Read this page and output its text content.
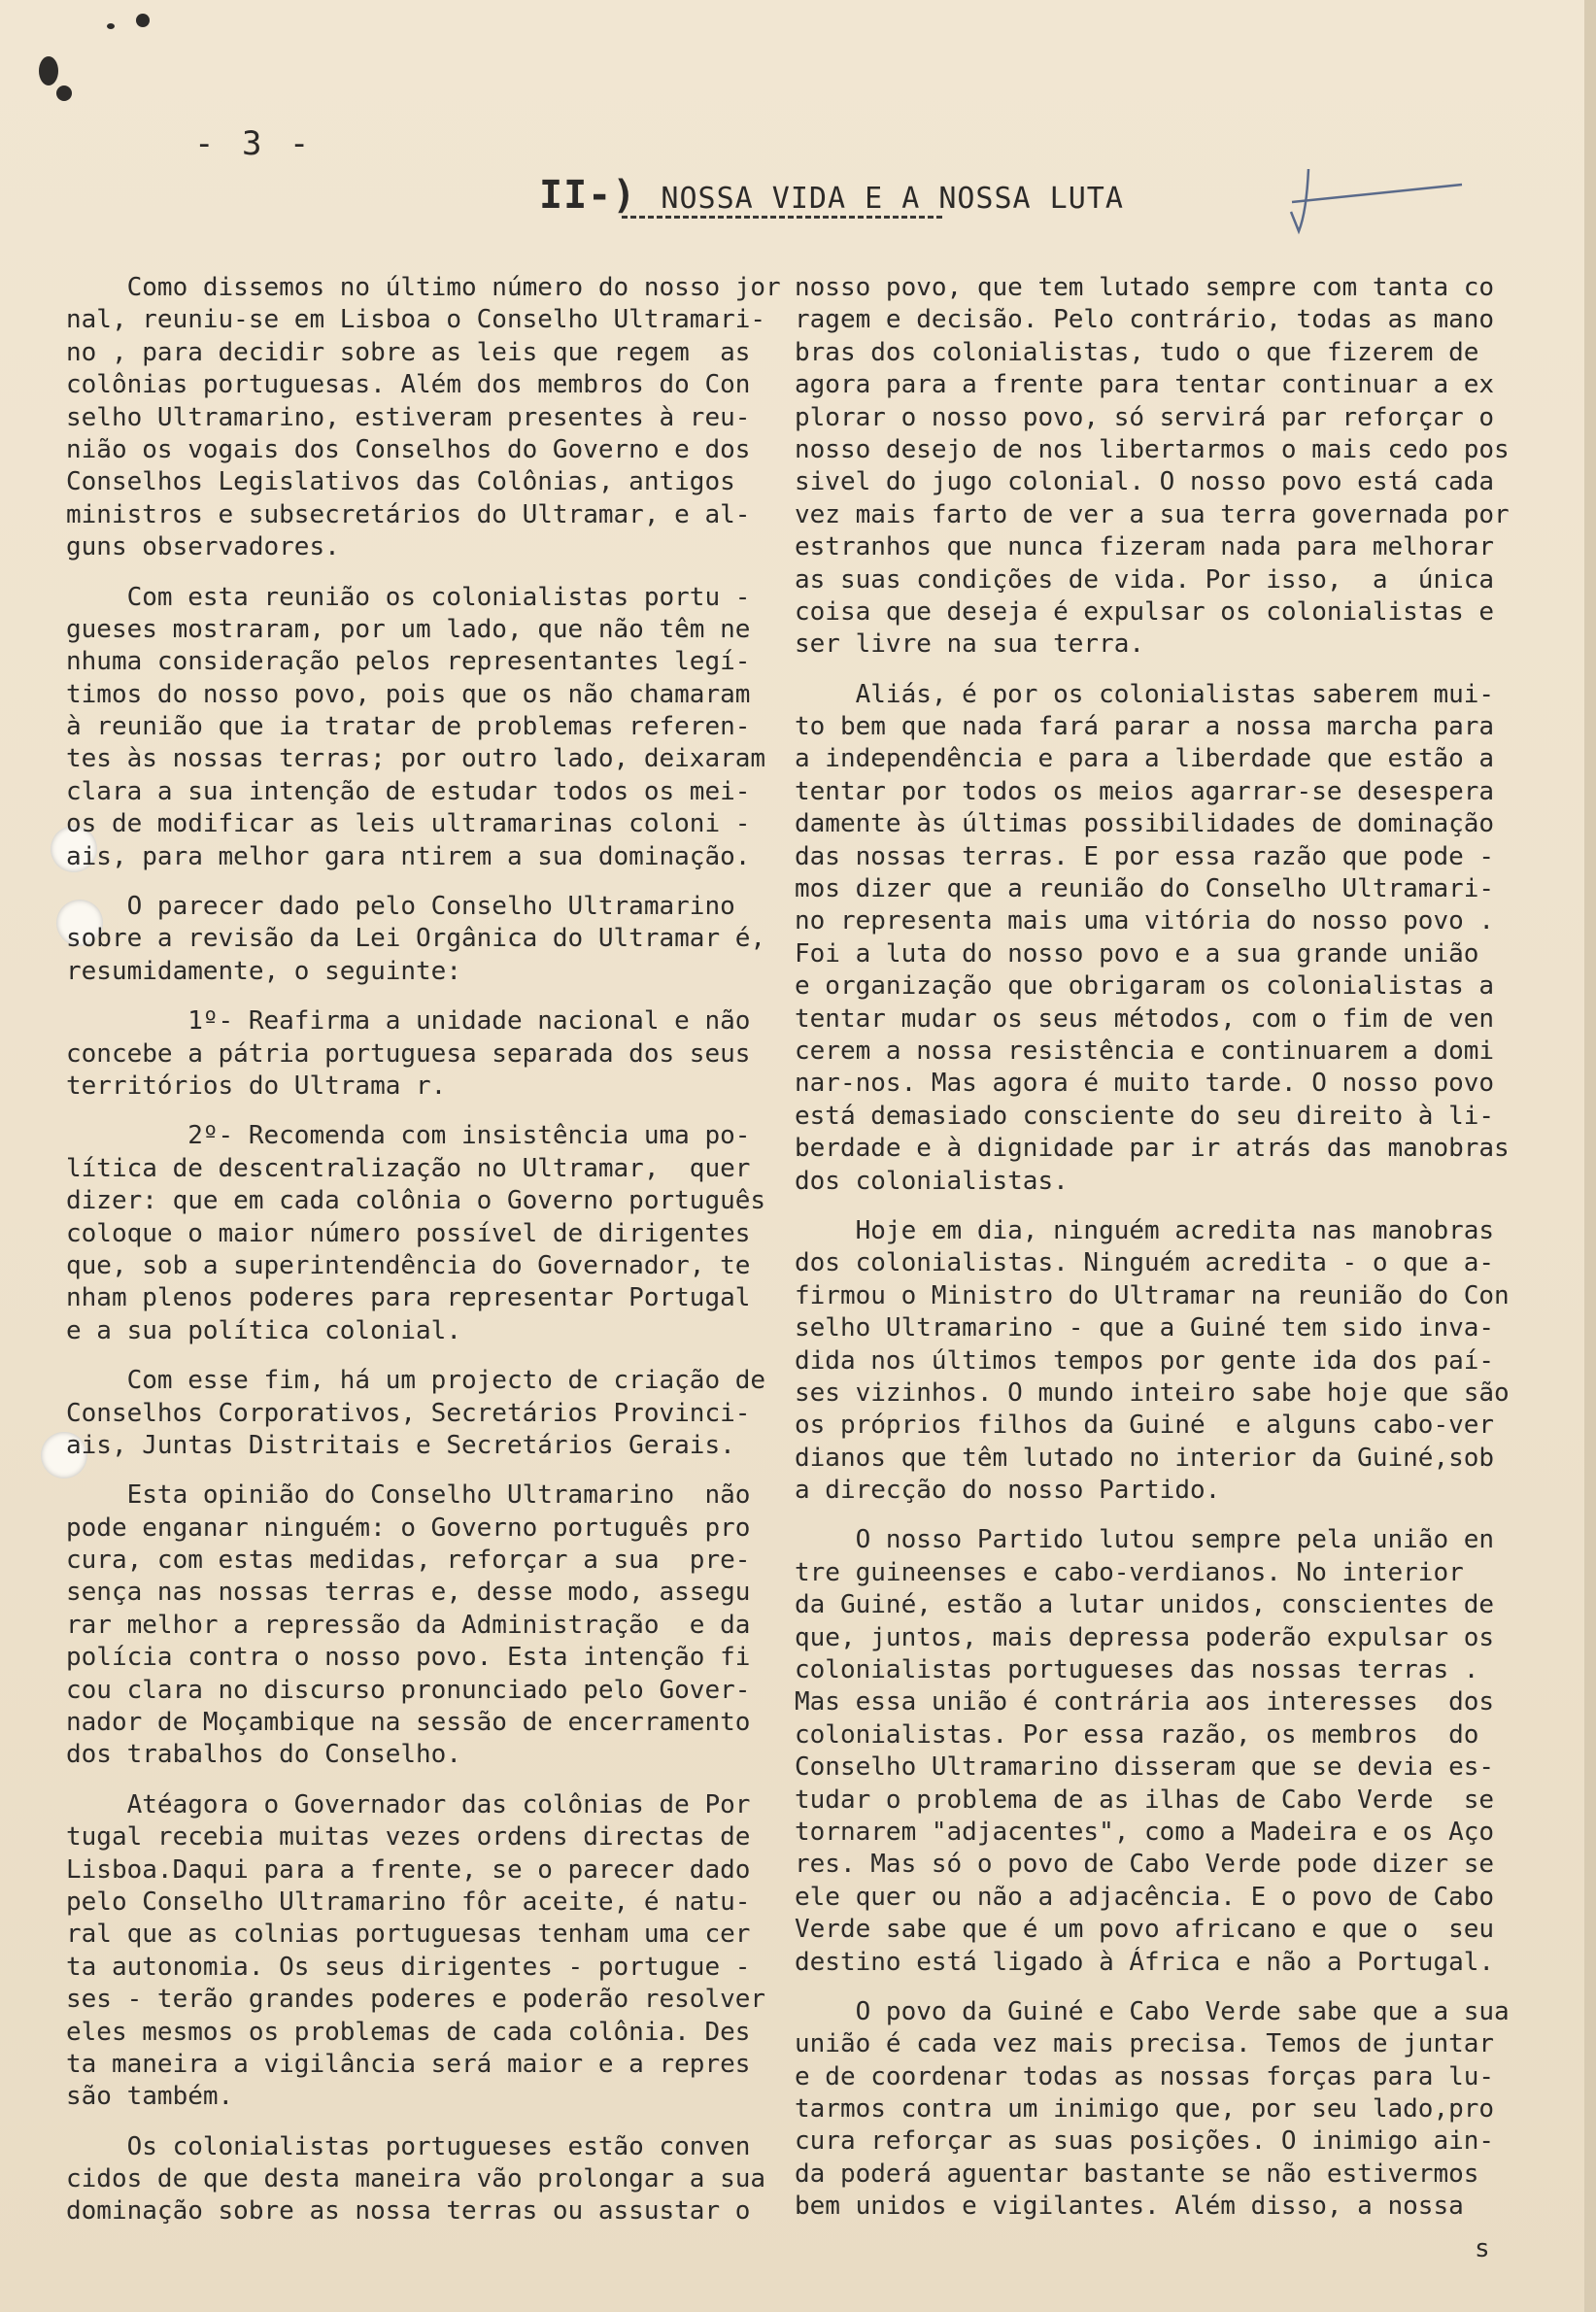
- 3 -
II-) NOSSA VIDA E A NOSSA LUTA
Como dissemos no último número do nosso jor
nal, reuniu-se em Lisboa o Conselho Ultramari-
no , para decidir sobre as leis que regem  as
colônias portuguesas. Além dos membros do Con
selho Ultramarino, estiveram presentes à reu-
nião os vogais dos Conselhos do Governo e dos
Conselhos Legislativos das Colônias, antigos
ministros e subsecretários do Ultramar, e al-
guns observadores.
Com esta reunião os colonialistas portu -
gueses mostraram, por um lado, que não têm ne
nhuma consideração pelos representantes legí-
timos do nosso povo, pois que os não chamaram
à reunião que ia tratar de problemas referen-
tes às nossas terras; por outro lado, deixaram
clara a sua intenção de estudar todos os mei-
os de modificar as leis ultramarinas coloni -
ais, para melhor gara ntirem a sua dominação.
O parecer dado pelo Conselho Ultramarino
sobre a revisão da Lei Orgânica do Ultramar é,
resumidamente, o seguinte:
1º- Reafirma a unidade nacional e não
concebe a pátria portuguesa separada dos seus
territórios do Ultrama r.
2º- Recomenda com insistência uma po-
lítica de descentralização no Ultramar,  quer
dizer: que em cada colônia o Governo português
coloque o maior número possível de dirigentes
que, sob a superintendência do Governador, te
nham plenos poderes para representar Portugal
e a sua política colonial.
Com esse fim, há um projecto de criação de
Conselhos Corporativos, Secretários Provinci-
ais, Juntas Distritais e Secretários Gerais.
Esta opinião do Conselho Ultramarino  não
pode enganar ninguém: o Governo português pro
cura, com estas medidas, reforçar a sua  pre-
sença nas nossas terras e, desse modo, assegu
rar melhor a repressão da Administração  e da
polícia contra o nosso povo. Esta intenção fi
cou clara no discurso pronunciado pelo Gover-
nador de Moçambique na sessão de encerramento
dos trabalhos do Conselho.
Atéagora o Governador das colônias de Por
tugal recebia muitas vezes ordens directas de
Lisboa.Daqui para a frente, se o parecer dado
pelo Conselho Ultramarino fôr aceite, é natu-
ral que as colnias portuguesas tenham uma cer
ta autonomia. Os seus dirigentes - portugue -
ses - terão grandes poderes e poderão resolver
eles mesmos os problemas de cada colônia. Des
ta maneira a vigilância será maior e a repres
são também.
Os colonialistas portugueses estão conven
cidos de que desta maneira vão prolongar a sua
dominação sobre as nossa terras ou assustar o
nosso povo, que tem lutado sempre com tanta co
ragem e decisão. Pelo contrário, todas as mano
bras dos colonialistas, tudo o que fizerem de
agora para a frente para tentar continuar a ex
plorar o nosso povo, só servirá par reforçar o
nosso desejo de nos libertarmos o mais cedo pos
sivel do jugo colonial. O nosso povo está cada
vez mais farto de ver a sua terra governada por
estranhos que nunca fizeram nada para melhorar
as suas condições de vida. Por isso,  a  única
coisa que deseja é expulsar os colonialistas e
ser livre na sua terra.
Aliás, é por os colonialistas saberem mui-
to bem que nada fará parar a nossa marcha para
a independência e para a liberdade que estão a
tentar por todos os meios agarrar-se desespera
damente às últimas possibilidades de dominação
das nossas terras. E por essa razão que pode -
mos dizer que a reunião do Conselho Ultramari-
no representa mais uma vitória do nosso povo .
Foi a luta do nosso povo e a sua grande união
e organização que obrigaram os colonialistas a
tentar mudar os seus métodos, com o fim de ven
cerem a nossa resistência e continuarem a domi
nar-nos. Mas agora é muito tarde. O nosso povo
está demasiado consciente do seu direito à li-
berdade e à dignidade par ir atrás das manobras
dos colonialistas.
Hoje em dia, ninguém acredita nas manobras
dos colonialistas. Ninguém acredita - o que a-
firmou o Ministro do Ultramar na reunião do Con
selho Ultramarino - que a Guiné tem sido inva-
dida nos últimos tempos por gente ida dos paí-
ses vizinhos. O mundo inteiro sabe hoje que são
os próprios filhos da Guiné  e alguns cabo-ver
dianos que têm lutado no interior da Guiné,sob
a direcção do nosso Partido.
O nosso Partido lutou sempre pela união en
tre guineenses e cabo-verdianos. No interior
da Guiné, estão a lutar unidos, conscientes de
que, juntos, mais depressa poderão expulsar os
colonialistas portugueses das nossas terras .
Mas essa união é contrária aos interesses  dos
colonialistas. Por essa razão, os membros  do
Conselho Ultramarino disseram que se devia es-
tudar o problema de as ilhas de Cabo Verde  se
tornarem "adjacentes", como a Madeira e os Aço
res. Mas só o povo de Cabo Verde pode dizer se
ele quer ou não a adjacência. E o povo de Cabo
Verde sabe que é um povo africano e que o  seu
destino está ligado à África e não a Portugal.
O povo da Guiné e Cabo Verde sabe que a sua
união é cada vez mais precisa. Temos de juntar
e de coordenar todas as nossas forças para lu-
tarmos contra um inimigo que, por seu lado,pro
cura reforçar as suas posições. O inimigo ain-
da poderá aguentar bastante se não estivermos
bem unidos e vigilantes. Além disso, a nossa
s
